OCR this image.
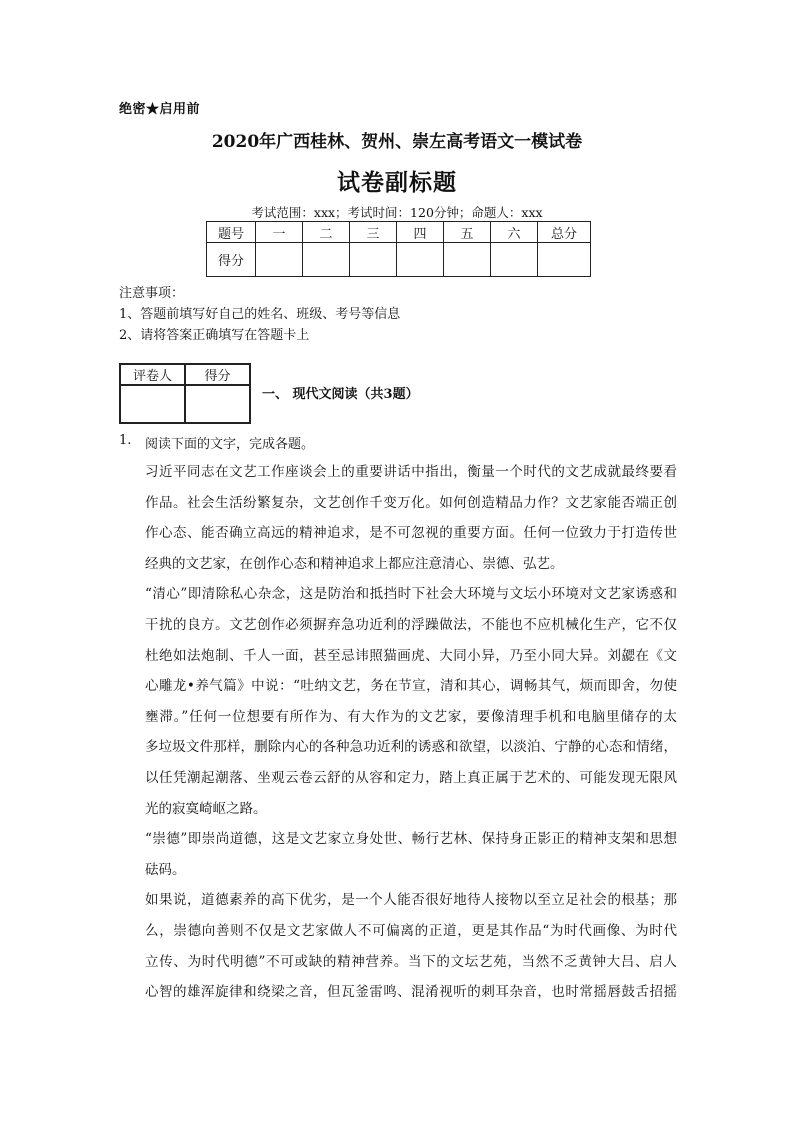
绝密★启用前
2020年广西桂林、贺州、崇左高考语文一模试卷
试卷副标题
考试范围：xxx；考试时间：120分钟；命题人：xxx
题号	一	二	三	四	五	六	总分
得分							
注意事项：
1、答题前填写好自己的姓名、班级、考号等信息
2、请将答案正确填写在答题卡上
评卷人	得分

一、 现代文阅读（共3题）
1. 阅读下面的文字，完成各题。
习近平同志在文艺工作座谈会上的重要讲话中指出，衡量一个时代的文艺成就最终要看
作品。社会生活纷繁复杂，文艺创作千变万化。如何创造精品力作？文艺家能否端正创
作心态、能否确立高远的精神追求，是不可忽视的重要方面。任何一位致力于打造传世
经典的文艺家，在创作心态和精神追求上都应注意清心、崇德、弘艺。
“清心”即清除私心杂念，这是防治和抵挡时下社会大环境与文坛小环境对文艺家诱惑和
干扰的良方。文艺创作必须摒弃急功近利的浮躁做法，不能也不应机械化生产，它不仅
杜绝如法炮制、千人一面，甚至忌讳照猫画虎、大同小异，乃至小同大异。刘勰在《文
心雕龙•养气篇》中说：“吐纳文艺，务在节宣，清和其心，调畅其气，烦而即舍，勿使
壅滞。”任何一位想要有所作为、有大作为的文艺家，要像清理手机和电脑里储存的太
多垃圾文件那样，删除内心的各种急功近利的诱惑和欲望，以淡泊、宁静的心态和情绪，
以任凭潮起潮落、坐观云卷云舒的从容和定力，踏上真正属于艺术的、可能发现无限风
光的寂寞崎岖之路。
“崇德”即崇尚道德，这是文艺家立身处世、畅行艺林、保持身正影正的精神支架和思想
砝码。
如果说，道德素养的高下优劣，是一个人能否很好地待人接物以至立足社会的根基；那
么，崇德向善则不仅是文艺家做人不可偏离的正道，更是其作品“为时代画像、为时代
立传、为时代明德”不可或缺的精神营养。当下的文坛艺苑，当然不乏黄钟大吕、启人
心智的雄浑旋律和绕梁之音，但瓦釜雷鸣、混淆视听的刺耳杂音，也时常摇唇鼓舌招摇
